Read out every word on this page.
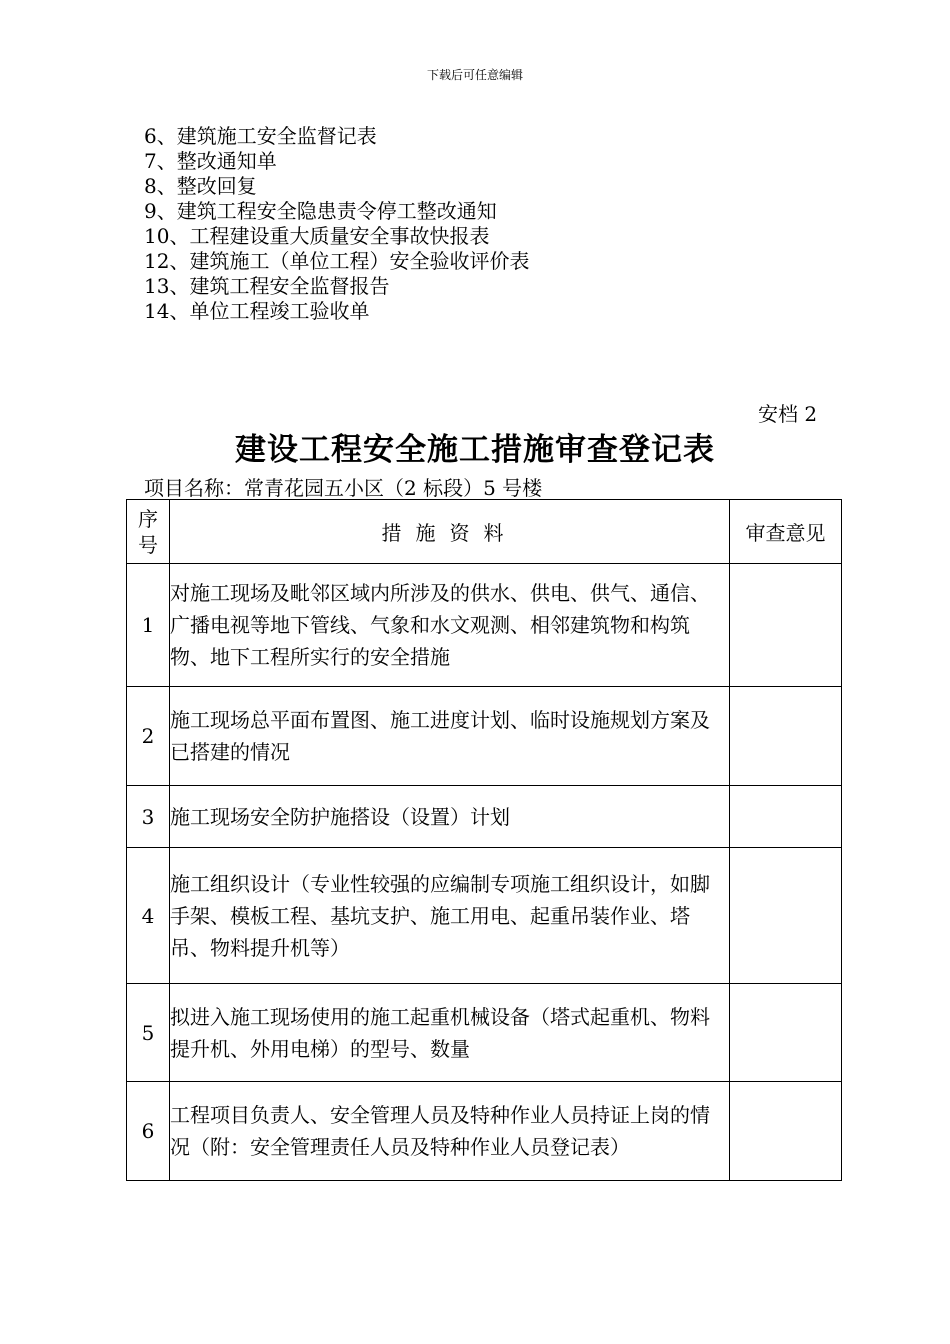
下载后可任意编辑
6、建筑施工安全监督记表
7、整改通知单
8、整改回复
9、建筑工程安全隐患责令停工整改通知
10、工程建设重大质量安全事故快报表
12、建筑施工（单位工程）安全验收评价表
13、建筑工程安全监督报告
14、单位工程竣工验收单
安档 2
建设工程安全施工措施审查登记表
项目名称：常青花园五小区（2 标段）5 号楼
序
号	措施资料	审查意见
1	对施工现场及毗邻区域内所涉及的供水、供电、供气、通信、广播电视等地下管线、气象和水文观测、相邻建筑物和构筑物、地下工程所实行的安全措施	
2	施工现场总平面布置图、施工进度计划、临时设施规划方案及已搭建的情况	
3	施工现场安全防护施搭设（设置）计划	
4	施工组织设计（专业性较强的应编制专项施工组织设计，如脚手架、模板工程、基坑支护、施工用电、起重吊装作业、塔吊、物料提升机等）	
5	拟进入施工现场使用的施工起重机械设备（塔式起重机、物料提升机、外用电梯）的型号、数量	
6	工程项目负责人、安全管理人员及特种作业人员持证上岗的情况（附：安全管理责任人员及特种作业人员登记表）	
